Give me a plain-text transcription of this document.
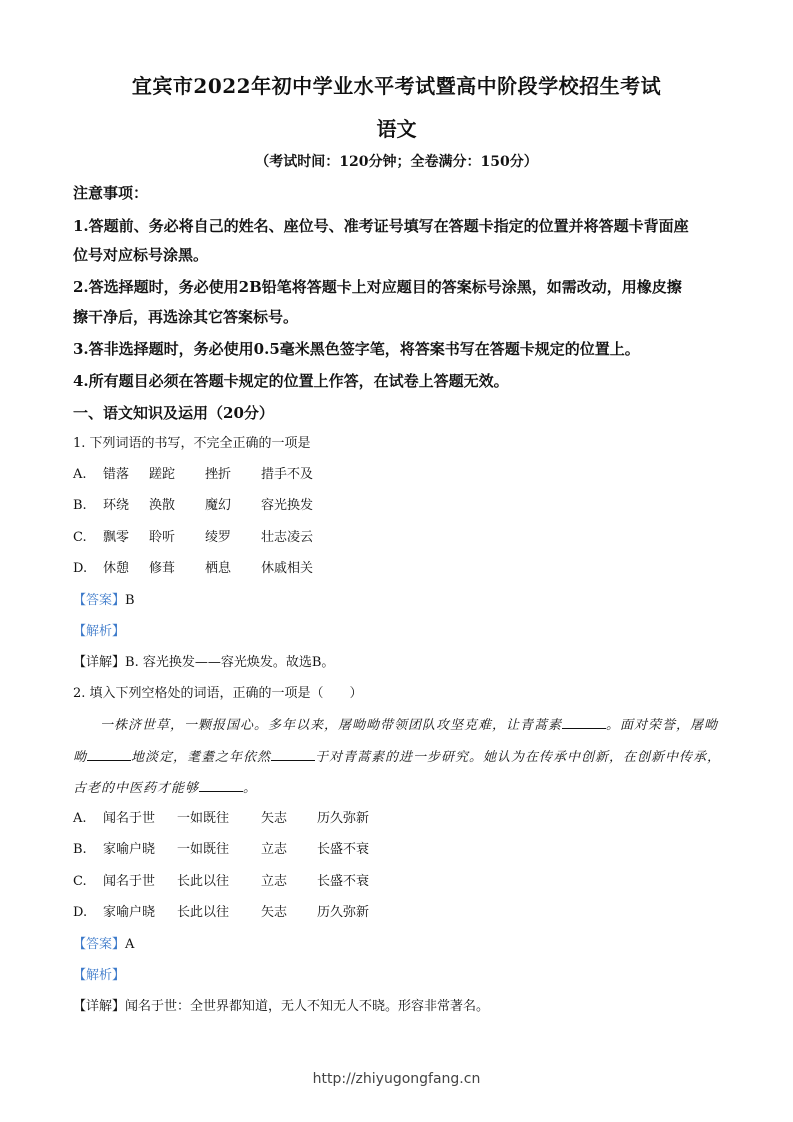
宜宾市2022年初中学业水平考试暨高中阶段学校招生考试
语文
（考试时间：120分钟；全卷满分：150分）
注意事项：
1.答题前、务必将自己的姓名、座位号、准考证号填写在答题卡指定的位置并将答题卡背面座
位号对应标号涂黑。
2.答选择题时，务必使用2B铅笔将答题卡上对应题目的答案标号涂黑，如需改动，用橡皮擦
擦干净后，再选涂其它答案标号。
3.答非选择题时，务必使用0.5毫米黑色签字笔，将答案书写在答题卡规定的位置上。
4.所有题目必须在答题卡规定的位置上作答，在试卷上答题无效。
一、语文知识及运用（20分）
1. 下列词语的书写，不完全正确的一项是
A. 错落 蹉跎 挫折 措手不及
B. 环绕 涣散 魔幻 容光换发
C. 飘零 聆听 绫罗 壮志凌云
D. 休憩 修葺 栖息 休戚相关
【答案】B
【解析】
【详解】B. 容光换发——容光焕发。故选B。
2. 填入下列空格处的词语，正确的一项是（　　）
一株济世草，一颗报国心。多年以来，屠呦呦带领团队攻坚克难，让青蒿素	。面对荣誉，屠呦
呦	地淡定，耄耋之年依然	于对青蒿素的进一步研究。她认为在传承中创新，在创新中传承，
古老的中医药才能够	。
A. 闻名于世 一如既往 矢志 历久弥新
B. 家喻户晓 一如既往 立志 长盛不衰
C. 闻名于世 长此以往 立志 长盛不衰
D. 家喻户晓 长此以往 矢志 历久弥新
【答案】A
【解析】
【详解】闻名于世：全世界都知道，无人不知无人不晓。形容非常著名。
http://zhiyugongfang.cn
